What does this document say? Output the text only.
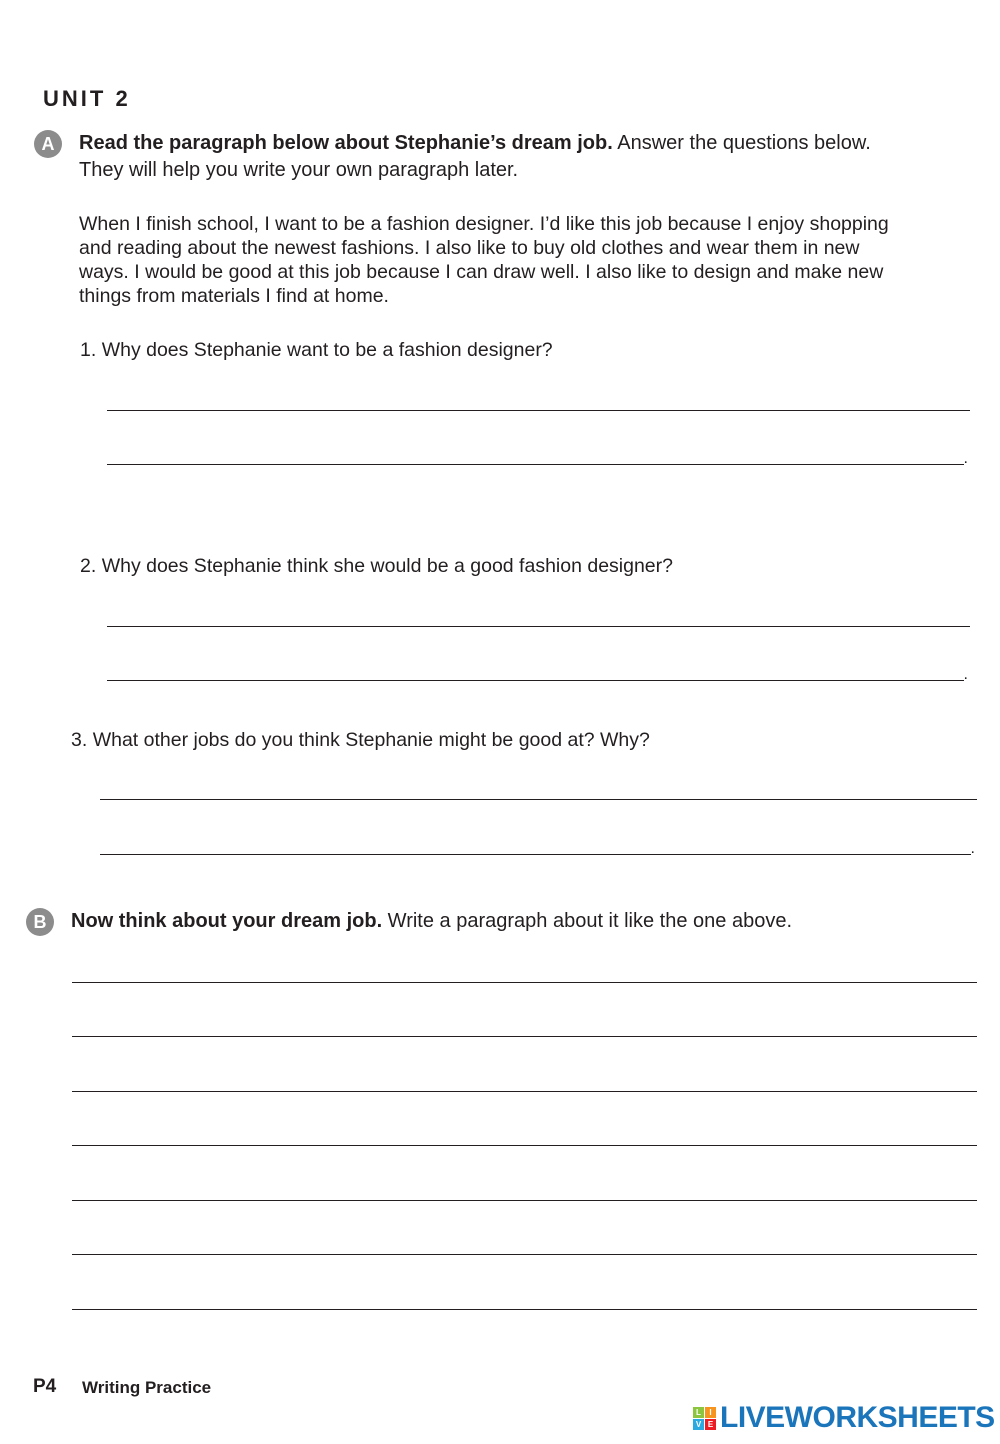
UNIT 2
A	Read the paragraph below about Stephanie’s dream job. Answer the questions below.
They will help you write your own paragraph later.
When I finish school, I want to be a fashion designer. I’d like this job because I enjoy shopping
and reading about the newest fashions. I also like to buy old clothes and wear them in new
ways. I would be good at this job because I can draw well. I also like to design and make new
things from materials I find at home.
1. Why does Stephanie want to be a fashion designer?
.
2. Why does Stephanie think she would be a good fashion designer?
.
3. What other jobs do you think Stephanie might be good at? Why?
.
B	Now think about your dream job. Write a paragraph about it like the one above.
P4 Writing Practice
L	I
V E LIVEWORKSHEETS
